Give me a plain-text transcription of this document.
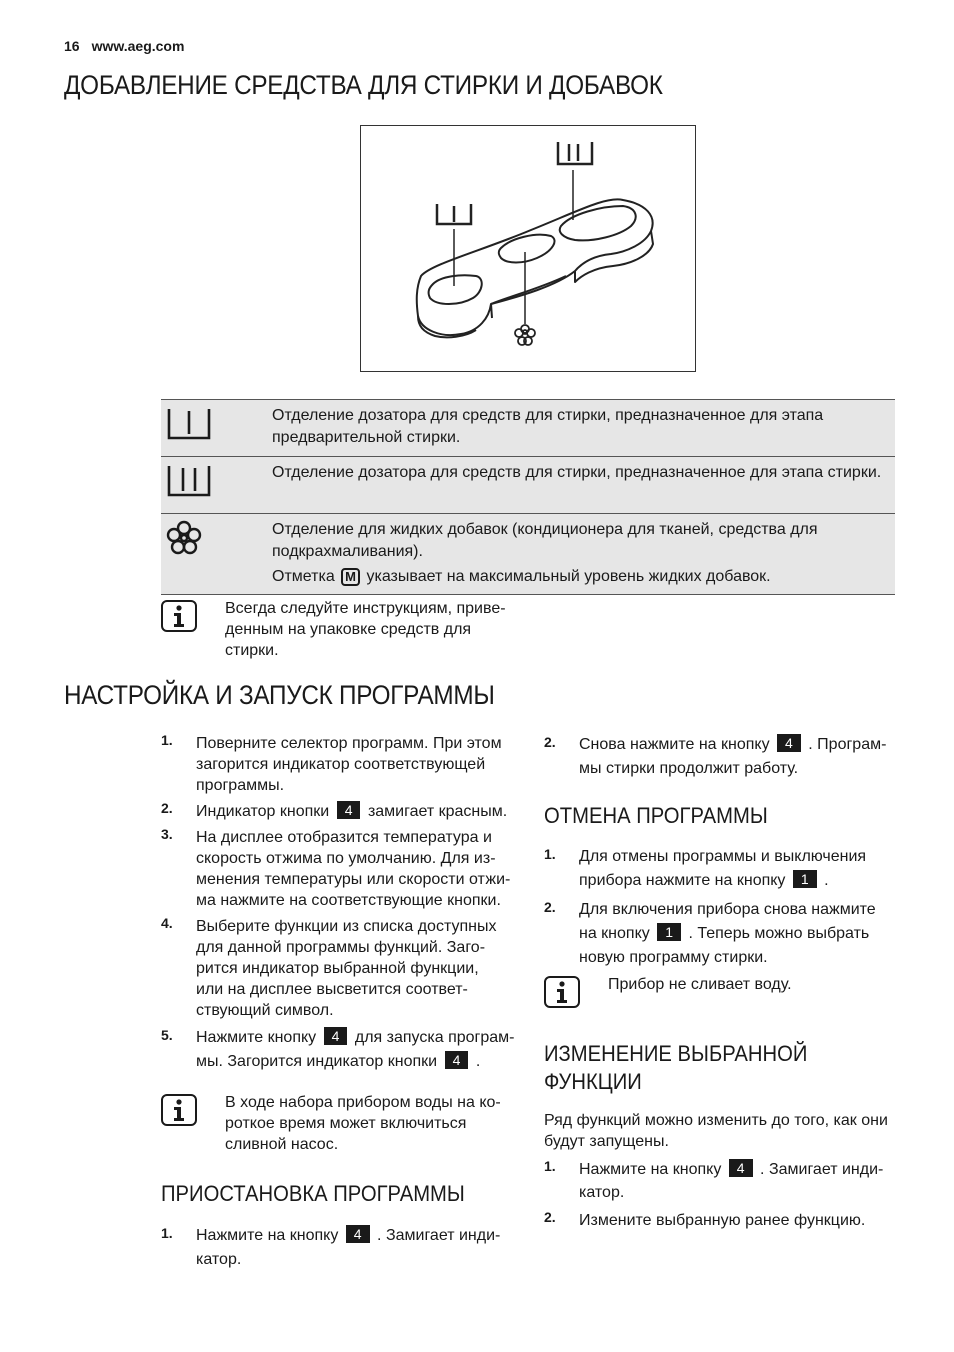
16 www.aeg.com
ДОБАВЛЕНИЕ СРЕДСТВА ДЛЯ СТИРКИ И ДОБАВОК
	Отделение дозатора для средств для стирки, предназначенное для этапа предварительной стирки.
	Отделение дозатора для средств для стирки, предназначенное для этапа стирки.

Отделение для жидких добавок (кондиционера для тканей, средства для подкрахмаливания).
Отметка M указывает на максимальный уровень жидких добавок.
Всегда следуйте инструкциям, приве-
денным на упаковке средств для
стирки.
НАСТРОЙКА И ЗАПУСК ПРОГРАММЫ
1. Поверните селектор программ. При этом
загорится индикатор соответствующей
программы.
2. Индикатор кнопки 4 замигает красным.
3. На дисплее отобразится температура и
скорость отжима по умолчанию. Для из-
менения температуры или скорости отжи-
ма нажмите на соответствующие кнопки.
4. Выберите функции из списка доступных
для данной программы функций. Заго-
рится индикатор выбранной функции,
или на дисплее высветится соответ-
ствующий символ.
5. Нажмите кнопку 4 для запуска програм-
мы. Загорится индикатор кнопки 4 .
В ходе набора прибором воды на ко-
роткое время может включиться
сливной насос.
ПРИОСТАНОВКА ПРОГРАММЫ
1. Нажмите на кнопку 4 . Замигает инди-
катор.
2. Снова нажмите на кнопку 4 . Програм-
мы стирки продолжит работу.
ОТМЕНА ПРОГРАММЫ
1. Для отмены программы и выключения
прибора нажмите на кнопку 1 .
2. Для включения прибора снова нажмите
на кнопку 1 . Теперь можно выбрать
новую программу стирки.
Прибор не сливает воду.
ИЗМЕНЕНИЕ ВЫБРАННОЙ
ФУНКЦИИ
Ряд функций можно изменить до того, как они
будут запущены.
1. Нажмите на кнопку 4 . Замигает инди-
катор.
2. Измените выбранную ранее функцию.
